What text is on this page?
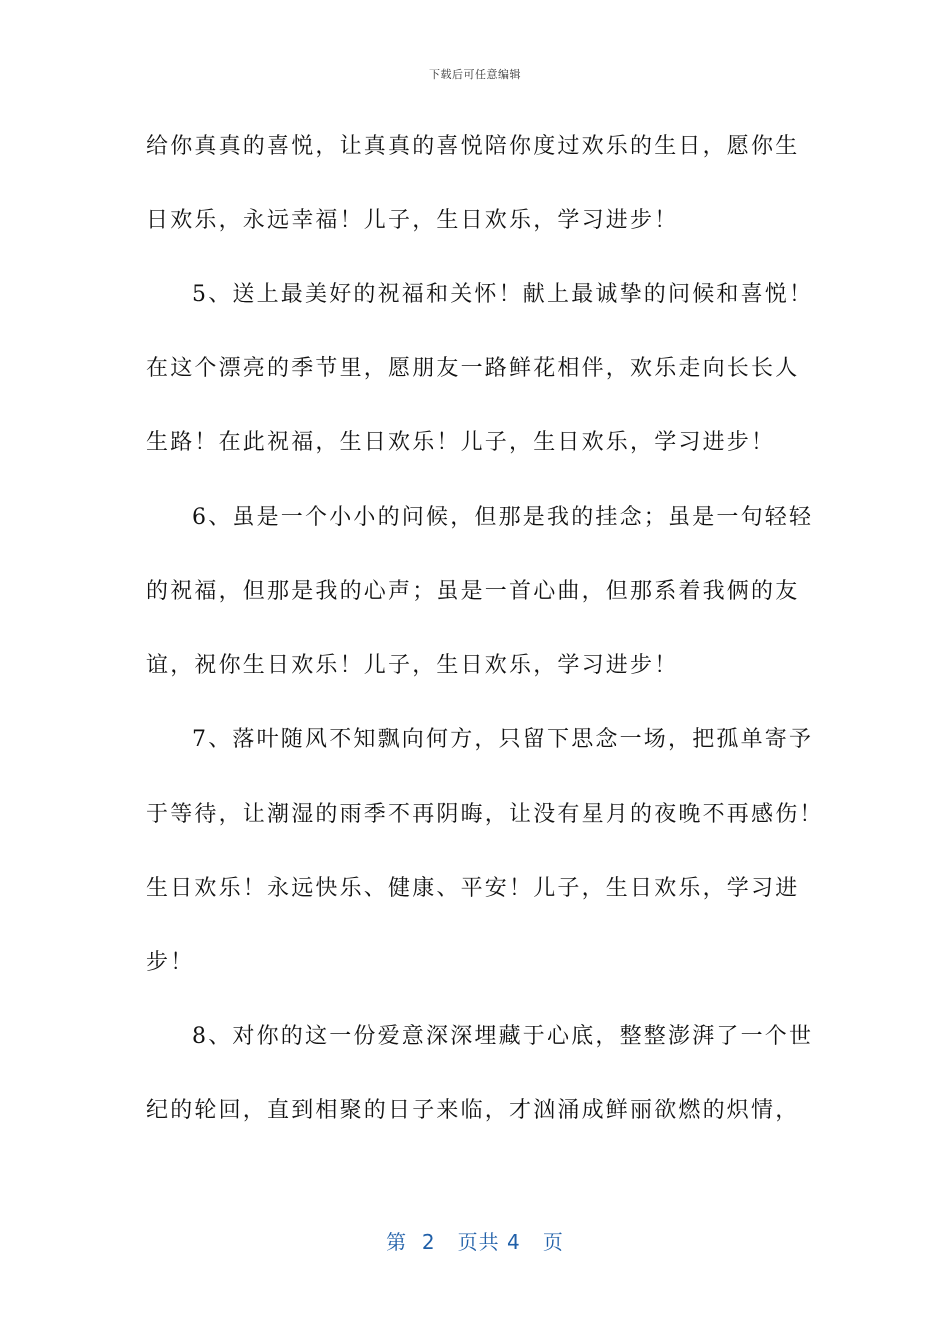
下载后可任意编辑
给你真真的喜悦，让真真的喜悦陪你度过欢乐的生日，愿你生
日欢乐，永远幸福！儿子，生日欢乐，学习进步！
5、送上最美好的祝福和关怀！献上最诚挚的问候和喜悦！
在这个漂亮的季节里，愿朋友一路鲜花相伴，欢乐走向长长人
生路！在此祝福，生日欢乐！儿子，生日欢乐，学习进步！
6、虽是一个小小的问候，但那是我的挂念；虽是一句轻轻
的祝福，但那是我的心声；虽是一首心曲，但那系着我俩的友
谊，祝你生日欢乐！儿子，生日欢乐，学习进步！
7、落叶随风不知飘向何方，只留下思念一场，把孤单寄予
于等待，让潮湿的雨季不再阴晦，让没有星月的夜晚不再感伤！
生日欢乐！永远快乐、健康、平安！儿子，生日欢乐，学习进
步！
8、对你的这一份爱意深深埋藏于心底，整整澎湃了一个世
纪的轮回，直到相聚的日子来临，才汹涌成鲜丽欲燃的炽情，
第  2   页共 4   页
